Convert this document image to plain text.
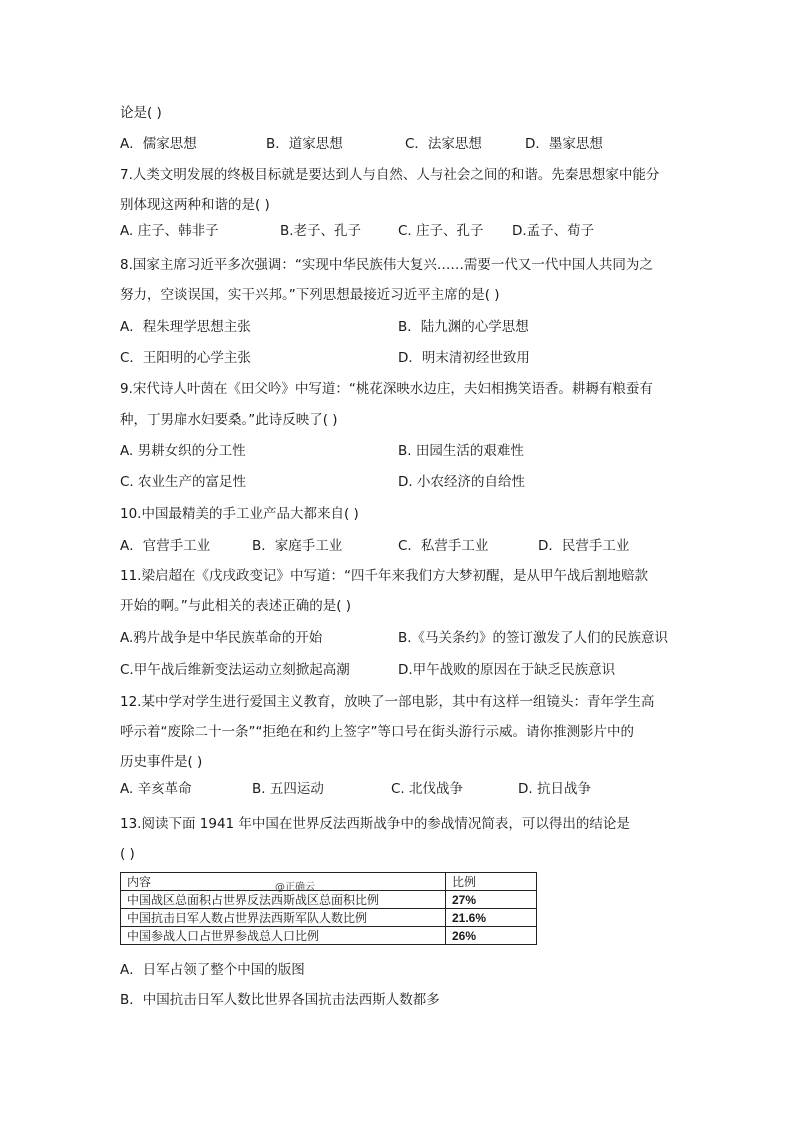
论是( )
A．儒家思想	B．道家思想	C．法家思想	D．墨家思想
7.人类文明发展的终极目标就是要达到人与自然、人与社会之间的和谐。先秦思想家中能分
别体现这两种和谐的是( )
A. 庄子、韩非子	B.老子、孔子	C. 庄子、孔子 D.孟子、荀子
8.国家主席习近平多次强调：“实现中华民族伟大复兴……需要一代又一代中国人共同为之
努力，空谈误国，实干兴邦。”下列思想最接近习近平主席的是( )
A．程朱理学思想主张	B．陆九渊的心学思想
C．王阳明的心学主张	D．明末清初经世致用
9.宋代诗人叶茵在《田父吟》中写道：“桃花深映水边庄，夫妇相携笑语香。耕耨有粮蚕有
种，丁男扉水妇要桑。”此诗反映了( )
A. 男耕女织的分工性	B. 田园生活的艰难性
C. 农业生产的富足性	D. 小农经济的自给性
10.中国最精美的手工业产品大都来自( )
A．官营手工业	B．家庭手工业	C．私营手工业	D．民营手工业
11.梁启超在《戊戌政变记》中写道：“四千年来我们方大梦初醒，是从甲午战后割地赔款
开始的啊。”与此相关的表述正确的是( )
A.鸦片战争是中华民族革命的开始	B.《马关条约》的签订激发了人们的民族意识
C.甲午战后维新变法运动立刻掀起高潮	D.甲午战败的原因在于缺乏民族意识
12.某中学对学生进行爱国主义教育，放映了一部电影，其中有这样一组镜头：青年学生高
呼示着“废除二十一条”“拒绝在和约上签字”等口号在街头游行示威。请你推测影片中的
历史事件是( )
A. 辛亥革命	B. 五四运动	C. 北伐战争	D. 抗日战争
13.阅读下面 1941 年中国在世界反法西斯战争中的参战情况简表，可以得出的结论是
( )
内容	比例
中国战区总面积占世界反法西斯战区总面积比例	27%
中国抗击日军人数占世界法西斯军队人数比例	21.6%
中国参战人口占世界参战总人口比例	26%
@正确云
A．日军占领了整个中国的版图
B．中国抗击日军人数比世界各国抗击法西斯人数都多
